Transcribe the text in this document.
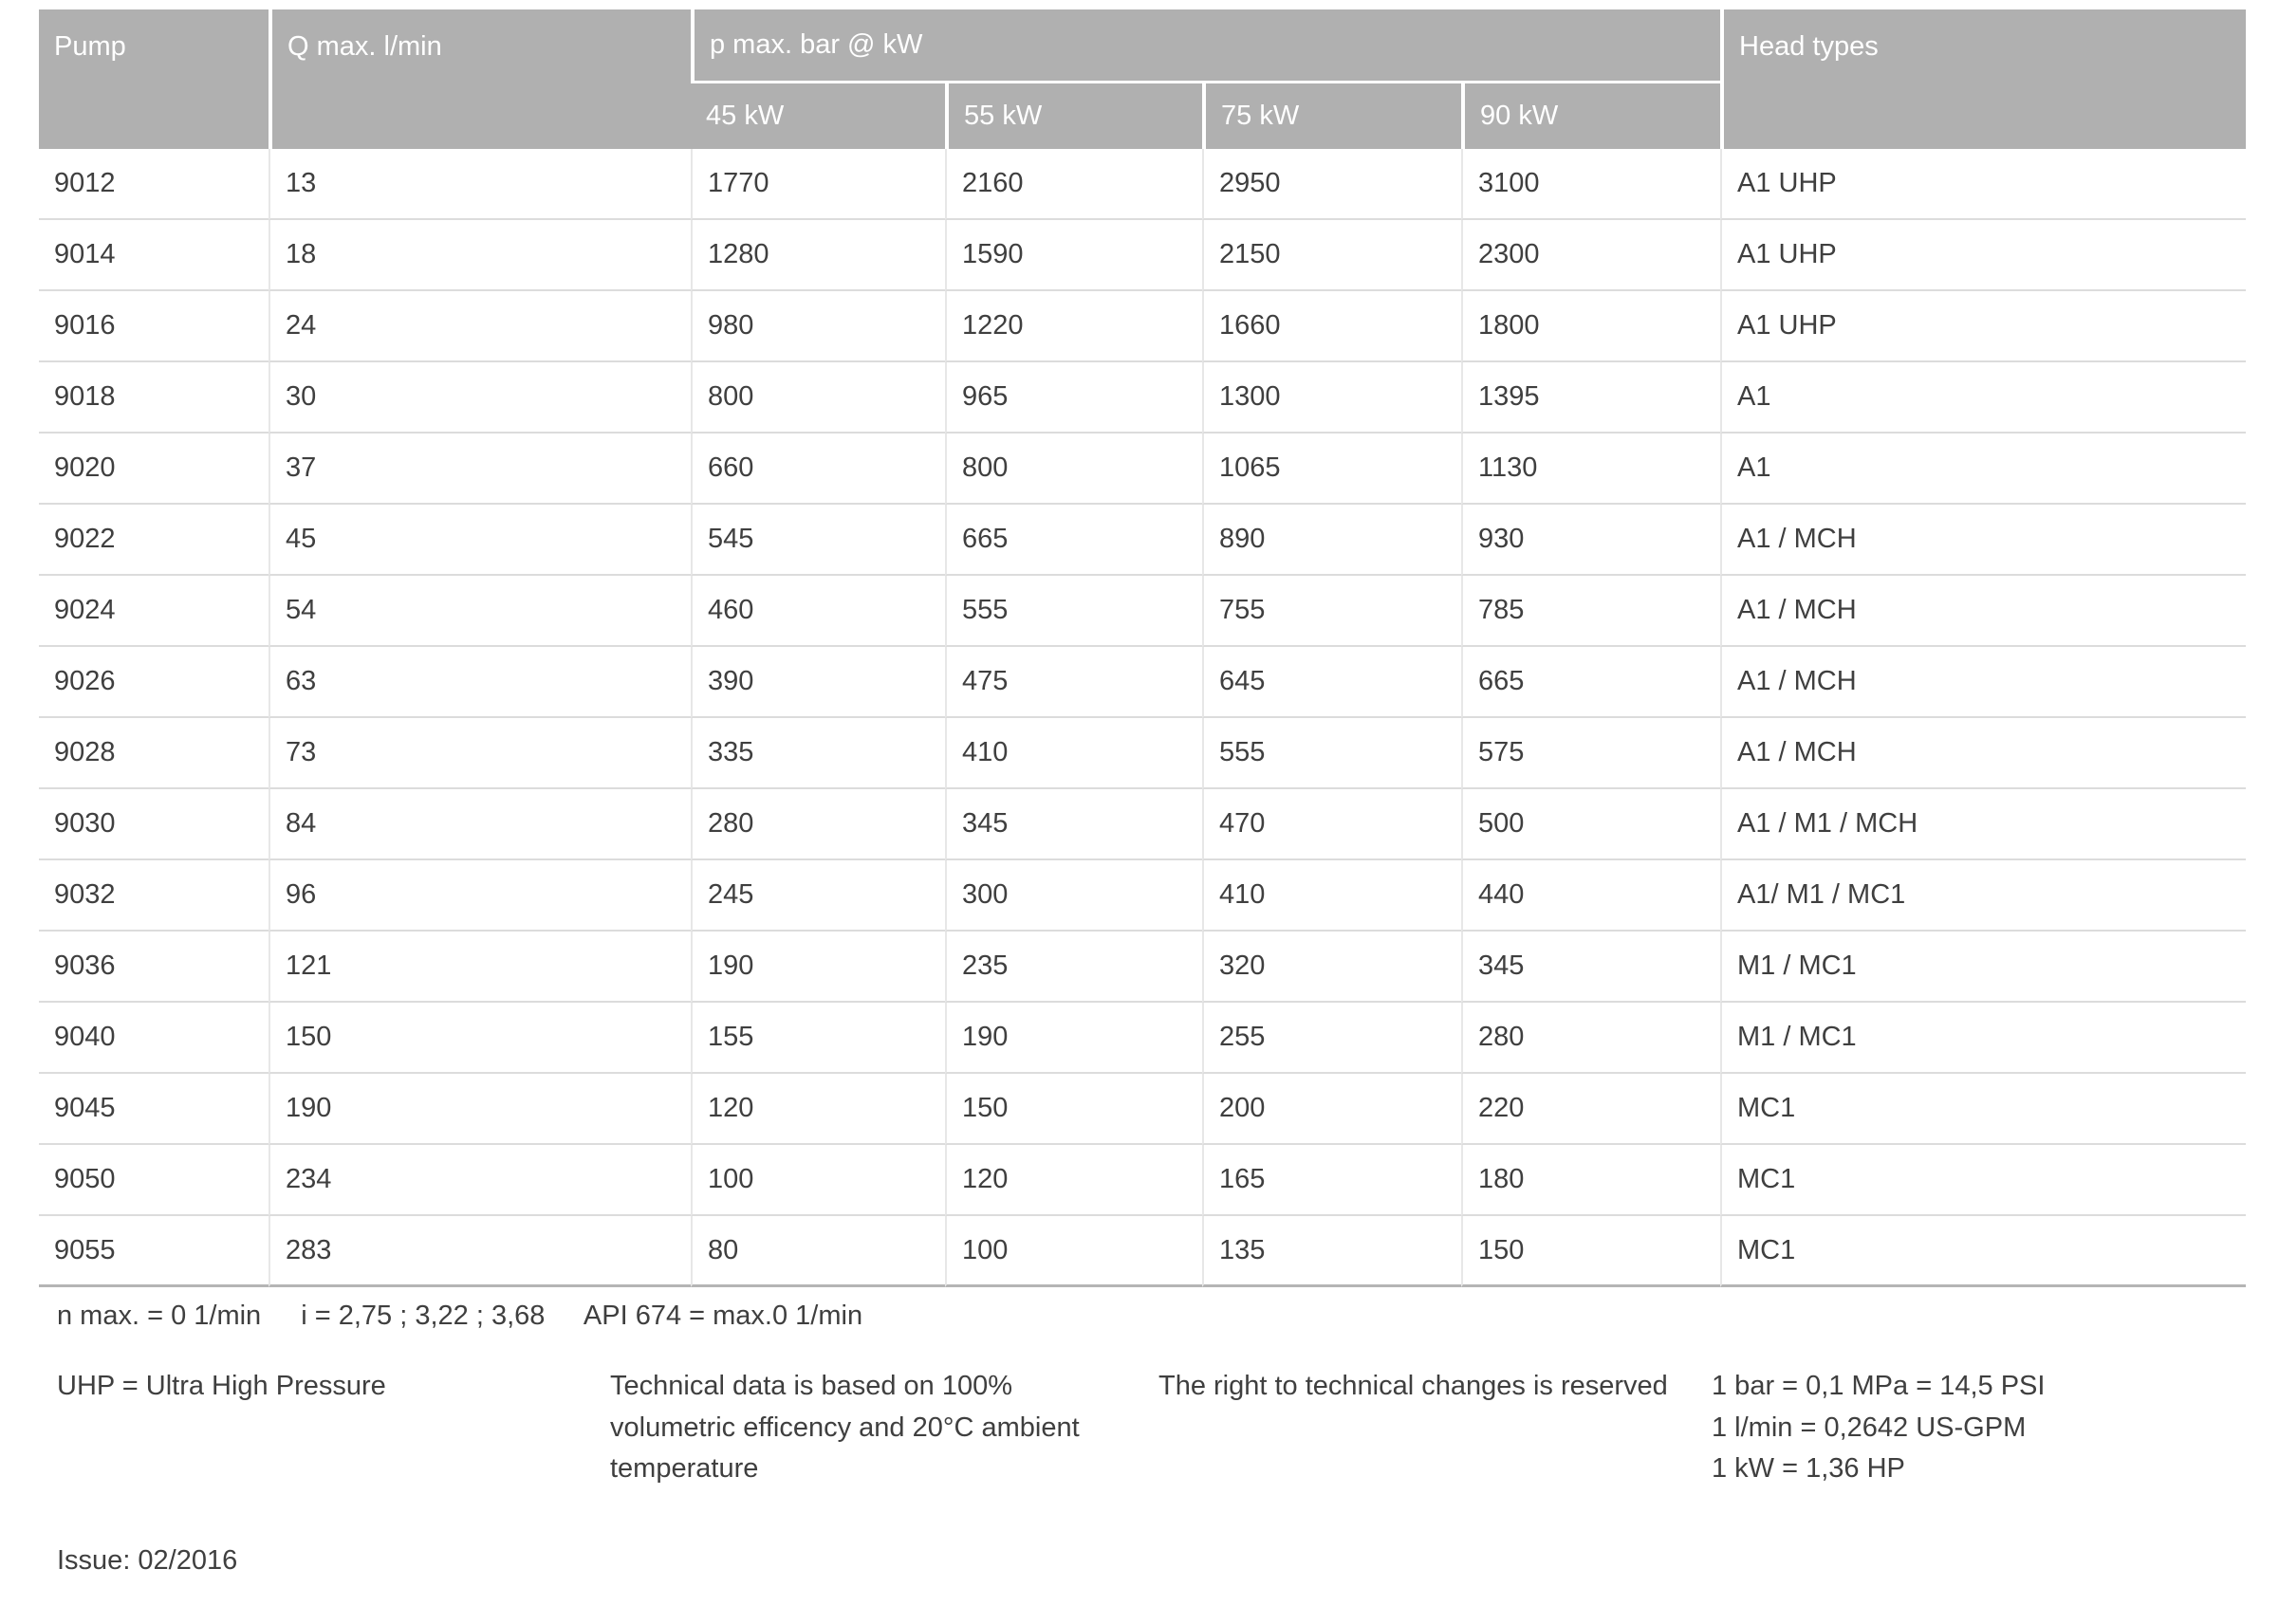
Pump	Q max. l/min	p max. bar @ kW				Head types
		45 kW	55 kW	75 kW	90 kW	
9012	13	1770	2160	2950	3100	A1 UHP
9014	18	1280	1590	2150	2300	A1 UHP
9016	24	980	1220	1660	1800	A1 UHP
9018	30	800	965	1300	1395	A1
9020	37	660	800	1065	1130	A1
9022	45	545	665	890	930	A1 / MCH
9024	54	460	555	755	785	A1 / MCH
9026	63	390	475	645	665	A1 / MCH
9028	73	335	410	555	575	A1 / MCH
9030	84	280	345	470	500	A1 / M1 / MCH
9032	96	245	300	410	440	A1/ M1 / MC1
9036	121	190	235	320	345	M1 / MC1
9040	150	155	190	255	280	M1 / MC1
9045	190	120	150	200	220	MC1
9050	234	100	120	165	180	MC1
9055	283	80	100	135	150	MC1
n max. = 0 1/min i = 2,75 ; 3,22 ; 3,68 API 674 = max.0 1/min
UHP = Ultra High Pressure	Technical data is based on 100% volumetric efficency and 20°C ambient temperature
The right to technical changes is reserved	1 bar = 0,1 MPa = 14,5 PSI
1 l/min = 0,2642 US-GPM
1 kW = 1,36 HP
Issue: 02/2016
